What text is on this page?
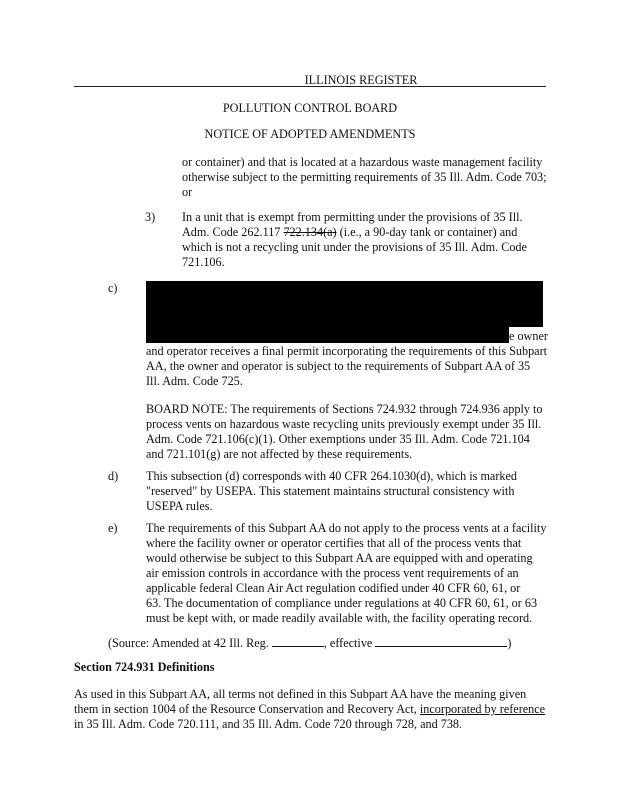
ILLINOIS REGISTER
POLLUTION CONTROL BOARD
NOTICE OF ADOPTED AMENDMENTS
or container) and that is located at a hazardous waste management facility
otherwise subject to the permitting requirements of 35 Ill. Adm. Code 703;
or
3) In a unit that is exempt from permitting under the provisions of 35 Ill.
Adm. Code 262.117 722.134(a) (i.e., a 90-day tank or container) and
which is not a recycling unit under the provisions of 35 Ill. Adm. Code
721.106.
c)
e owner
and operator receives a final permit incorporating the requirements of this Subpart
AA, the owner and operator is subject to the requirements of Subpart AA of 35
Ill. Adm. Code 725.
BOARD NOTE: The requirements of Sections 724.932 through 724.936 apply to
process vents on hazardous waste recycling units previously exempt under 35 Ill.
Adm. Code 721.106(c)(1). Other exemptions under 35 Ill. Adm. Code 721.104
and 721.101(g) are not affected by these requirements.
d) This subsection (d) corresponds with 40 CFR 264.1030(d), which is marked
"reserved" by USEPA. This statement maintains structural consistency with
USEPA rules.
e) The requirements of this Subpart AA do not apply to the process vents at a facility
where the facility owner or operator certifies that all of the process vents that
would otherwise be subject to this Subpart AA are equipped with and operating
air emission controls in accordance with the process vent requirements of an
applicable federal Clean Air Act regulation codified under 40 CFR 60, 61, or
63. The documentation of compliance under regulations at 40 CFR 60, 61, or 63
must be kept with, or made readily available with, the facility operating record.
(Source: Amended at 42 Ill. Reg.	, effective	)
Section 724.931 Definitions
As used in this Subpart AA, all terms not defined in this Subpart AA have the meaning given
them in section 1004 of the Resource Conservation and Recovery Act, incorporated by reference
in 35 Ill. Adm. Code 720.111, and 35 Ill. Adm. Code 720 through 728, and 738.
